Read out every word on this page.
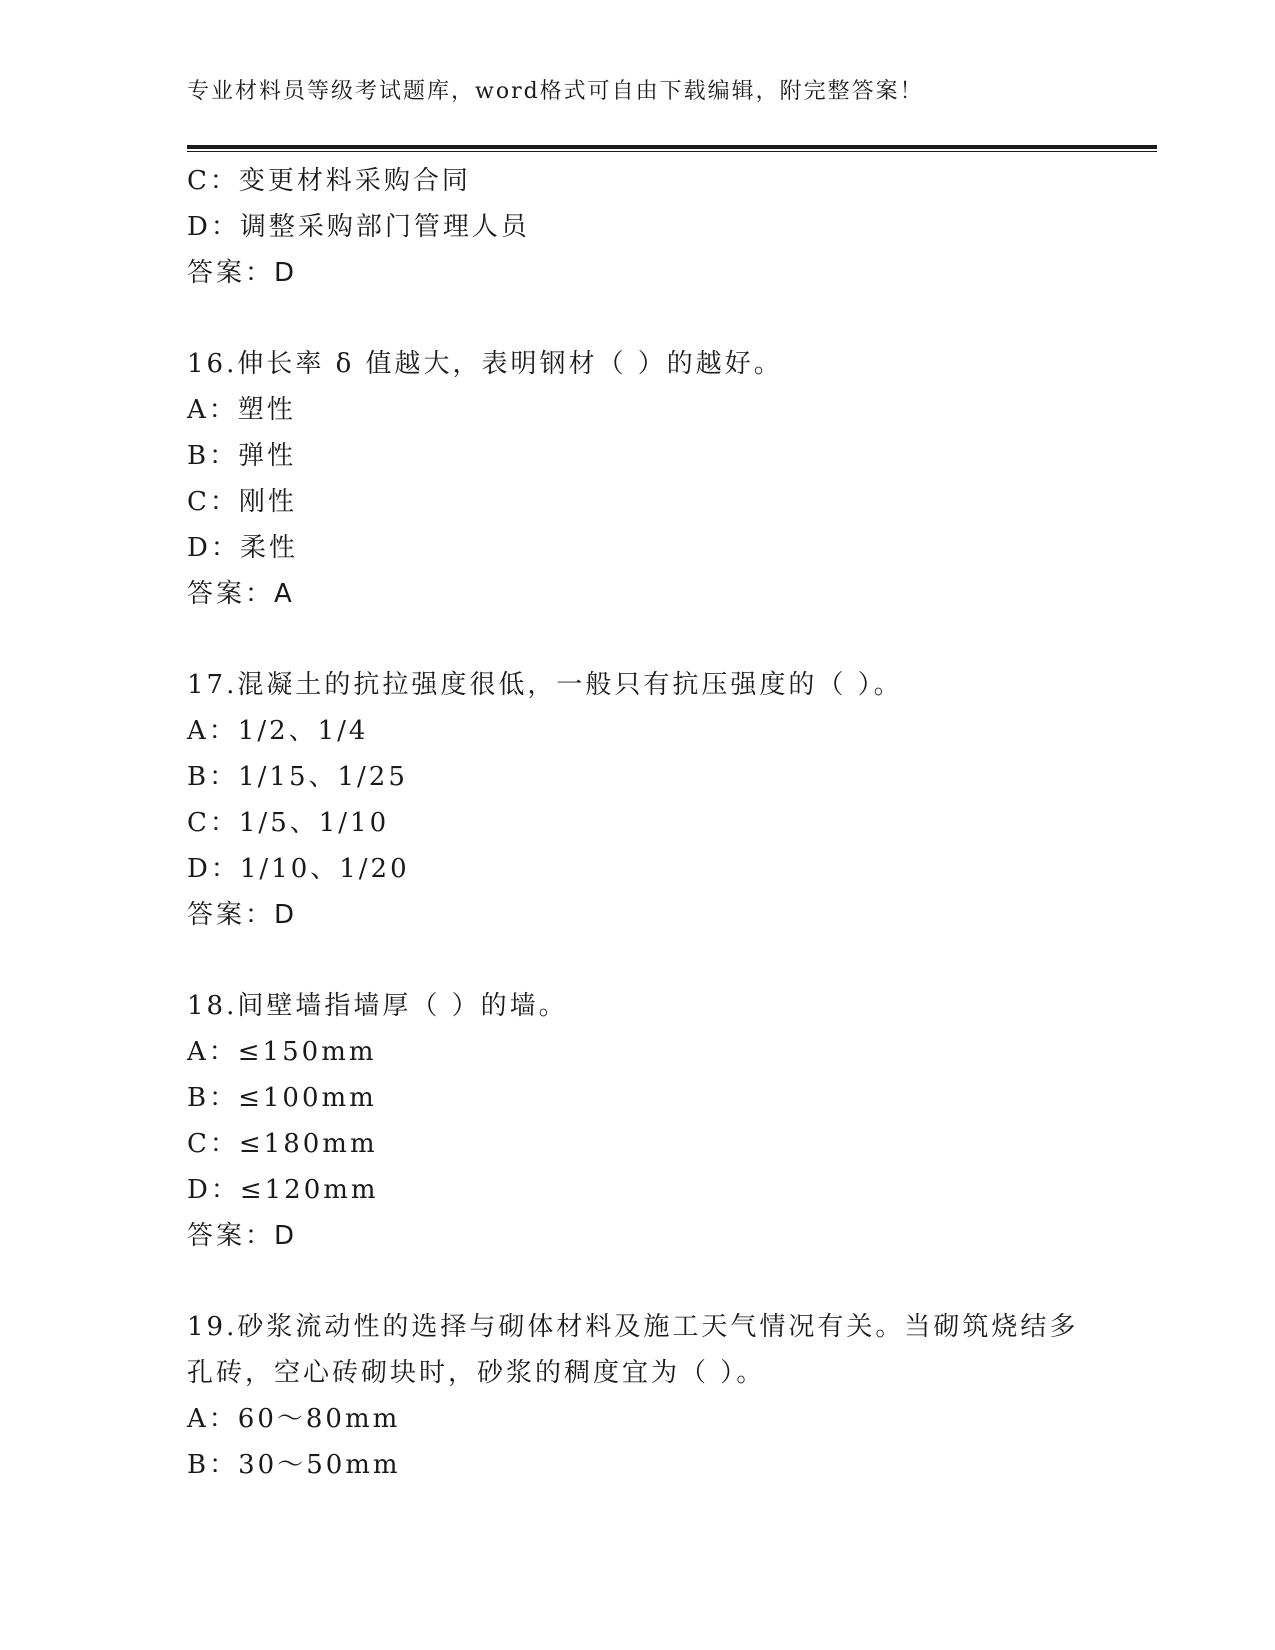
专业材料员等级考试题库，word格式可自由下载编辑，附完整答案！
C：变更材料采购合同
D：调整采购部门管理人员
答案：D
16.伸长率 δ 值越大，表明钢材（ ）的越好。
A：塑性
B：弹性
C：刚性
D：柔性
答案：A
17.混凝土的抗拉强度很低，一般只有抗压强度的（ ）。
A：1/2、1/4
B：1/15、1/25
C：1/5、1/10
D：1/10、1/20
答案：D
18.间壁墙指墙厚（ ）的墙。
A：≤150mm
B：≤100mm
C：≤180mm
D：≤120mm
答案：D
19.砂浆流动性的选择与砌体材料及施工天气情况有关。当砌筑烧结多
孔砖，空心砖砌块时，砂浆的稠度宜为（ ）。
A：60～80mm
B：30～50mm
